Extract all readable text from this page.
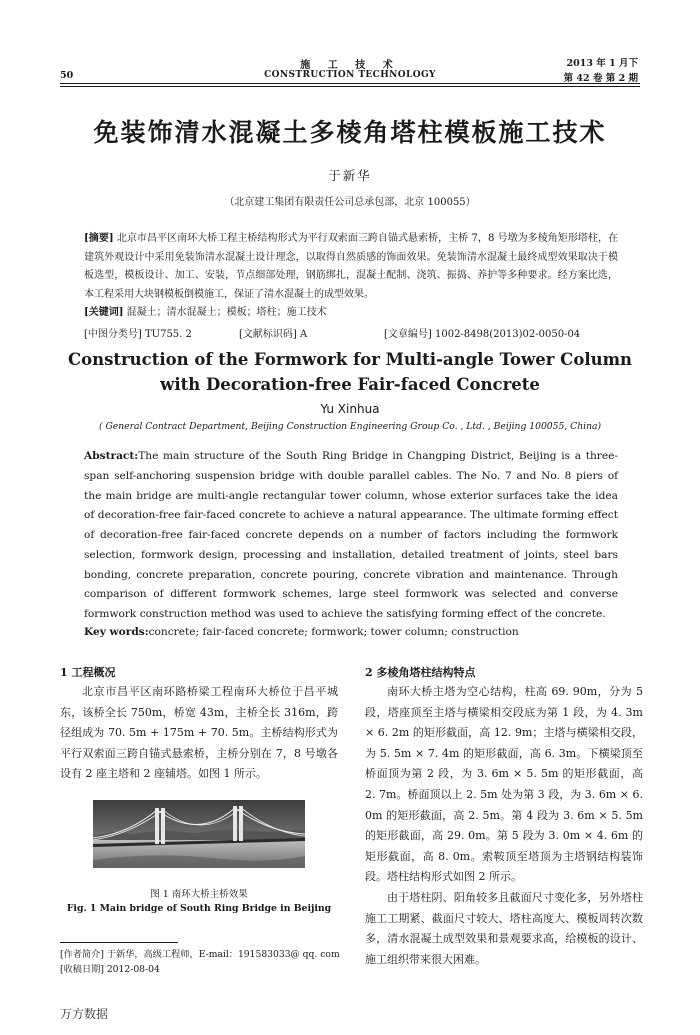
施 工 技 术
CONSTRUCTION TECHNOLOGY
50
2013 年 1 月下
第 42 卷 第 2 期
免装饰清水混凝土多棱角塔柱模板施工技术
于新华
（北京建工集团有限责任公司总承包部，北京 100055）

[摘要] 北京市昌平区南环大桥工程主桥结构形式为平行双索面三跨自锚式悬索桥，主桥 7，8 号墩为多棱角矩形塔柱，在建筑外观设计中采用免装饰清水混凝土设计理念，以取得自然质感的饰面效果。免装饰清水混凝土最终成型效果取决于模板选型，模板设计、加工、安装，节点细部处理，钢筋绑扎，混凝土配制、浇筑、振捣、养护等多种要求。经方案比选，本工程采用大块钢模板倒模施工，保证了清水混凝土的成型效果。

[关键词] 混凝土；清水混凝土；模板；塔柱；施工技术

[中图分类号] TU755. 2	[文献标识码] A	[文章编号] 1002-8498(2013)02-0050-04
Construction of the Formwork for Multi-angle Tower Column
with Decoration-free Fair-faced Concrete
Yu Xinhua
( General Contract Department, Beijing Construction Engineering Group Co. , Ltd. , Beijing 100055, China)

Abstract:The main structure of the South Ring Bridge in Changping District, Beijing is a three-span self-anchoring suspension bridge with double parallel cables. The No. 7 and No. 8 piers of the main bridge are multi-angle rectangular tower column, whose exterior surfaces take the idea of decoration-free fair-faced concrete to achieve a natural appearance. The ultimate forming effect of decoration-free fair-faced concrete depends on a number of factors including the formwork selection, formwork design, processing and installation, detailed treatment of joints, steel bars bonding, concrete preparation, concrete pouring, concrete vibration and maintenance. Through comparison of different formwork schemes, large steel formwork was selected and converse formwork construction method was used to achieve the satisfying forming effect of the concrete.

Key words:concrete; fair-faced concrete; formwork; tower column; construction
1 工程概况

北京市昌平区南环路桥梁工程南环大桥位于昌平城东，该桥全长 750m，桥宽 43m，主桥全长 316m，跨径组成为 70. 5m + 175m + 70. 5m。主桥结构形式为平行双索面三跨自锚式悬索桥，主桥分别在 7，8 号墩各设有 2 座主塔和 2 座辅塔。如图 1 所示。

图 1 南环大桥主桥效果
Fig. 1 Main bridge of South Ring Bridge in Beijing
[作者简介] 于新华，高级工程师，E-mail：191583033@ qq. com
[收稿日期] 2012-08-04
2 多棱角塔柱结构特点

南环大桥主塔为空心结构，柱高 69. 90m，分为 5 段，塔座顶至主塔与横梁相交段底为第 1 段，为 4. 3m × 6. 2m 的矩形截面，高 12. 9m；主塔与横梁相交段，为 5. 5m × 7. 4m 的矩形截面，高 6. 3m。下横梁顶至桥面顶为第 2 段，为 3. 6m × 5. 5m 的矩形截面，高 2. 7m。桥面顶以上 2. 5m 处为第 3 段，为 3. 6m × 6. 0m 的矩形截面，高 2. 5m。第 4 段为 3. 6m × 5. 5m 的矩形截面，高 29. 0m。第 5 段为 3. 0m × 4. 6m 的矩形截面，高 8. 0m。索鞍顶至塔顶为主塔钢结构装饰段。塔柱结构形式如图 2 所示。

由于塔柱阴、阳角较多且截面尺寸变化多，另外塔柱施工工期紧、截面尺寸较大、塔柱高度大、模板周转次数多，清水混凝土成型效果和景观要求高，给模板的设计、施工组织带来很大困难。

万方数据
